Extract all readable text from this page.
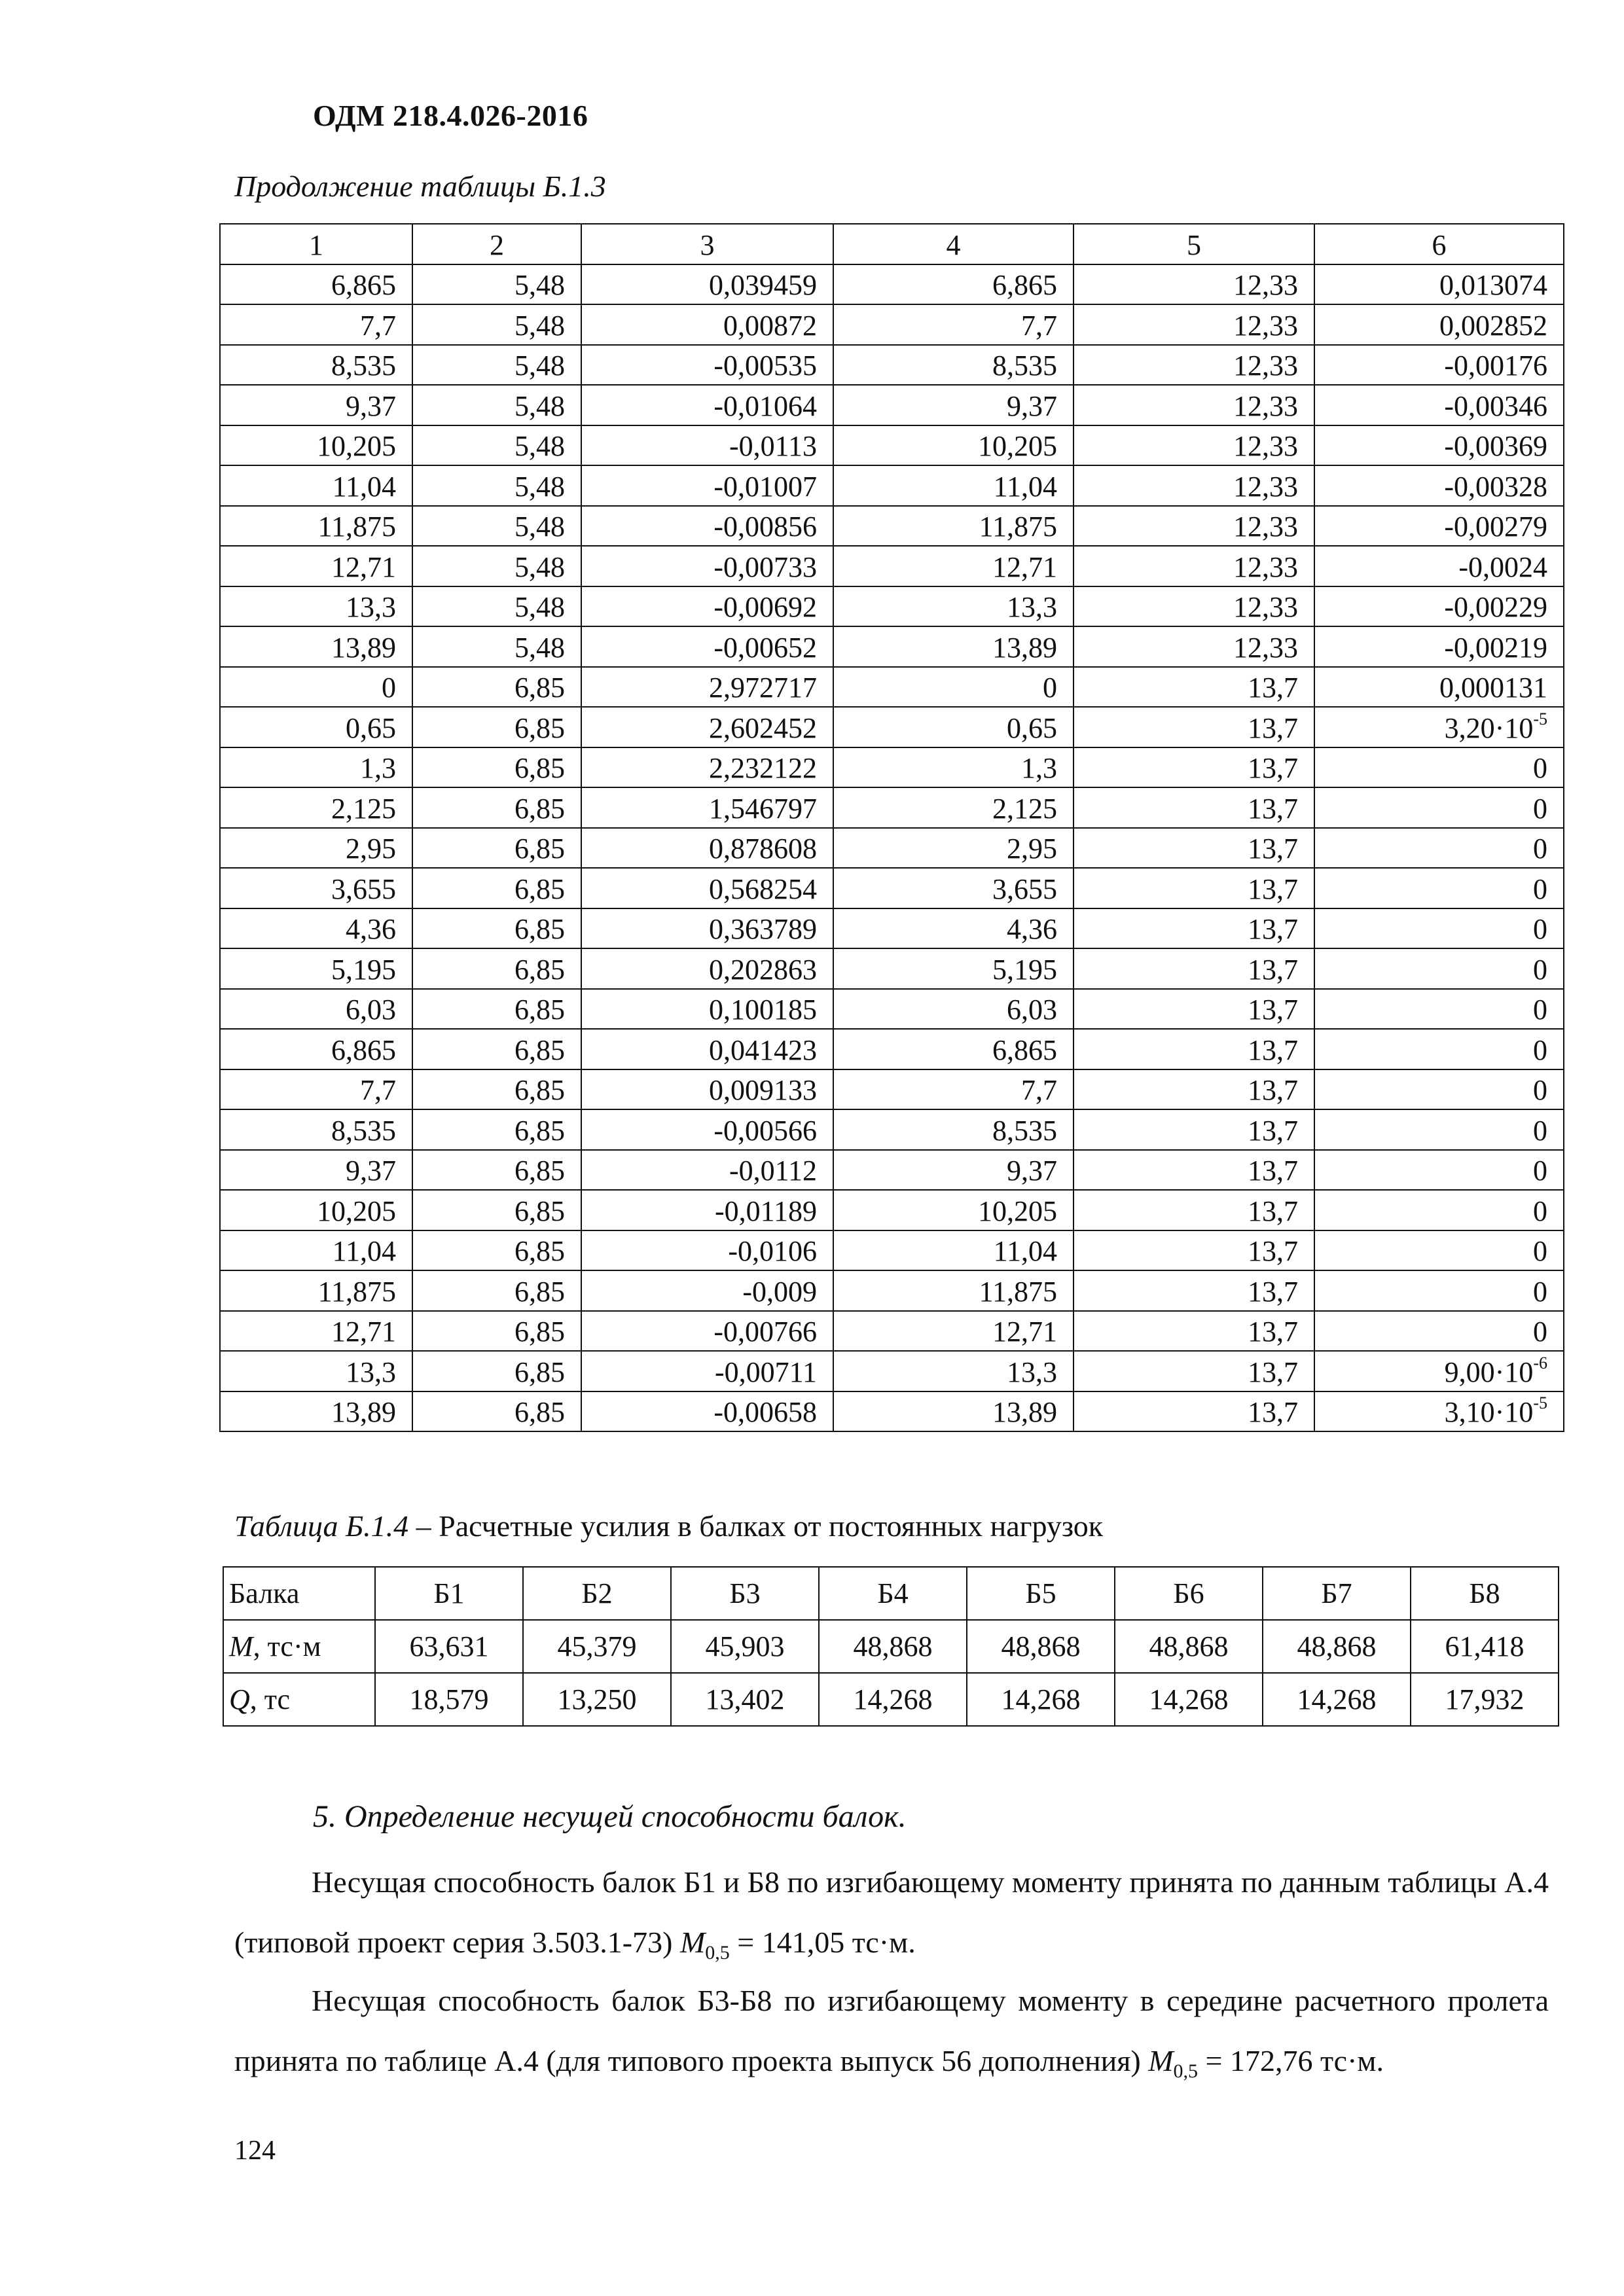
ОДМ 218.4.026-2016
Продолжение таблицы Б.1.3
1	2	3	4	5	6
6,865	5,48	0,039459	6,865	12,33	0,013074
7,7	5,48	0,00872	7,7	12,33	0,002852
8,535	5,48	-0,00535	8,535	12,33	-0,00176
9,37	5,48	-0,01064	9,37	12,33	-0,00346
10,205	5,48	-0,0113	10,205	12,33	-0,00369
11,04	5,48	-0,01007	11,04	12,33	-0,00328
11,875	5,48	-0,00856	11,875	12,33	-0,00279
12,71	5,48	-0,00733	12,71	12,33	-0,0024
13,3	5,48	-0,00692	13,3	12,33	-0,00229
13,89	5,48	-0,00652	13,89	12,33	-0,00219
0	6,85	2,972717	0	13,7	0,000131
0,65	6,85	2,602452	0,65	13,7	$3,20\cdot 10^{-5}$
1,3	6,85	2,232122	1,3	13,7	0
2,125	6,85	1,546797	2,125	13,7	0
2,95	6,85	0,878608	2,95	13,7	0
3,655	6,85	0,568254	3,655	13,7	0
4,36	6,85	0,363789	4,36	13,7	0
5,195	6,85	0,202863	5,195	13,7	0
6,03	6,85	0,100185	6,03	13,7	0
6,865	6,85	0,041423	6,865	13,7	0
7,7	6,85	0,009133	7,7	13,7	0
8,535	6,85	-0,00566	8,535	13,7	0
9,37	6,85	-0,0112	9,37	13,7	0
10,205	6,85	-0,01189	10,205	13,7	0
11,04	6,85	-0,0106	11,04	13,7	0
11,875	6,85	-0,009	11,875	13,7	0
12,71	6,85	-0,00766	12,71	13,7	0
13,3	6,85	-0,00711	13,3	13,7	$9,00\cdot 10^{-6}$
13,89	6,85	-0,00658	13,89	13,7	$3,10\cdot 10^{-5}$
Таблица Б.1.4 – Расчетные усилия в балках от постоянных нагрузок
Балка	Б1	Б2	Б3	Б4	Б5	Б6	Б7	Б8
M, тс·м	63,631	45,379	45,903	48,868	48,868	48,868	48,868	61,418
Q, тс	18,579	13,250	13,402	14,268	14,268	14,268	14,268	17,932
5. Определение несущей способности балок.
Несущая способность балок Б1 и Б8 по изгибающему моменту принята по данным таблицы А.4 (типовой проект серия 3.503.1-73) $M_{0,5} = 141,05$ тс·м.
Несущая способность балок Б3-Б8 по изгибающему моменту в середине расчетного пролета принята по таблице А.4 (для типового проекта выпуск 56 дополнения) $M_{0,5} = 172,76$ тс·м.
124
